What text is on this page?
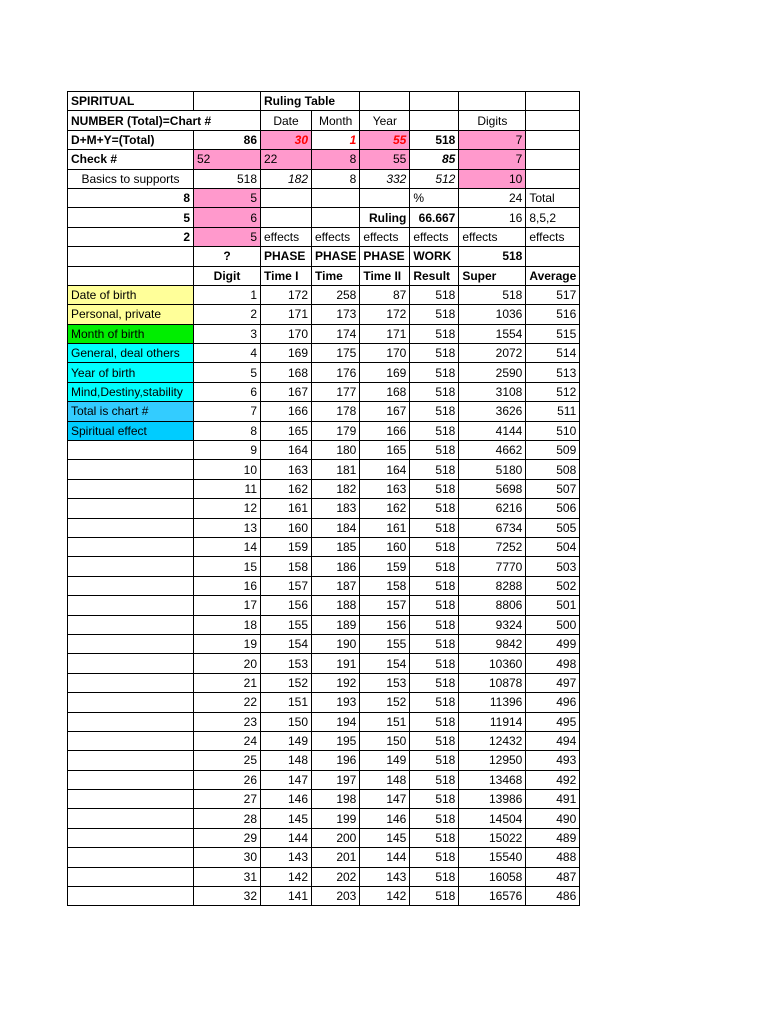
SPIRITUAL		Ruling Table					
NUMBER (Total)=Chart #		Date	Month	Year		Digits	
D+M+Y=(Total)	86	30	1	55	518	7	
Check #	52	22	8	55	85	7	
Basics to supports	518	182	8	332	512	10	
8	5				%	24	Total
5	6			Ruling	66.667	16	8,5,2
2	5	effects	effects	effects	effects	effects	effects
	?	PHASE	PHASE	PHASE	WORK	518	
	Digit	Time I	Time	Time II	Result	Super	Average
Date of birth	1	172	258	87	518	518	517
Personal, private	2	171	173	172	518	1036	516
Month of birth	3	170	174	171	518	1554	515
General, deal others	4	169	175	170	518	2072	514
Year of birth	5	168	176	169	518	2590	513
Mind,Destiny,stability	6	167	177	168	518	3108	512
Total is chart #	7	166	178	167	518	3626	511
Spiritual effect	8	165	179	166	518	4144	510
	9	164	180	165	518	4662	509
	10	163	181	164	518	5180	508
	11	162	182	163	518	5698	507
	12	161	183	162	518	6216	506
	13	160	184	161	518	6734	505
	14	159	185	160	518	7252	504
	15	158	186	159	518	7770	503
	16	157	187	158	518	8288	502
	17	156	188	157	518	8806	501
	18	155	189	156	518	9324	500
	19	154	190	155	518	9842	499
	20	153	191	154	518	10360	498
	21	152	192	153	518	10878	497
	22	151	193	152	518	11396	496
	23	150	194	151	518	11914	495
	24	149	195	150	518	12432	494
	25	148	196	149	518	12950	493
	26	147	197	148	518	13468	492
	27	146	198	147	518	13986	491
	28	145	199	146	518	14504	490
	29	144	200	145	518	15022	489
	30	143	201	144	518	15540	488
	31	142	202	143	518	16058	487
	32	141	203	142	518	16576	486
